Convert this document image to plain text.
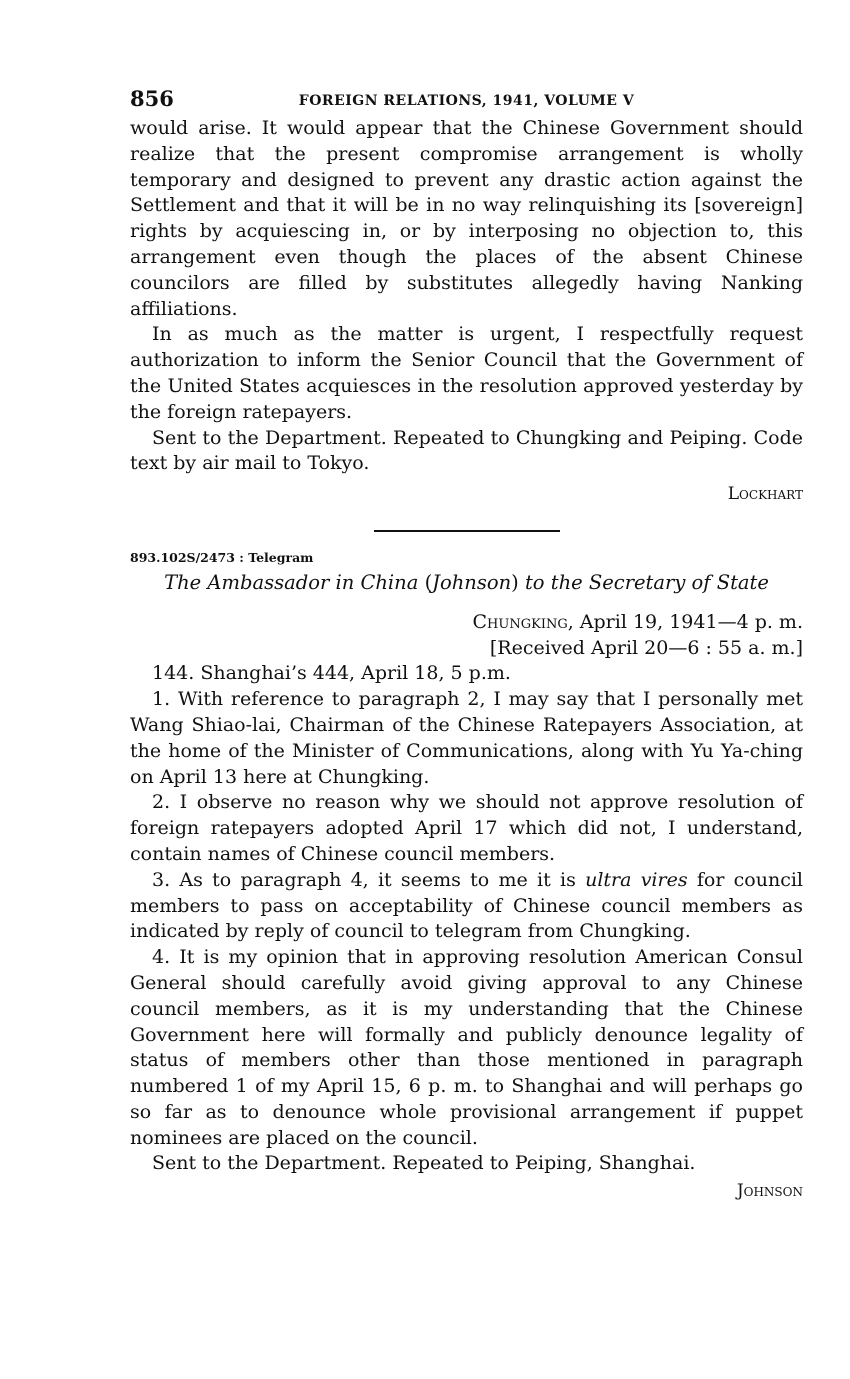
856	FOREIGN RELATIONS, 1941, VOLUME V

would arise. It would appear that the Chinese Government should realize that the present compromise arrangement is wholly temporary and designed to prevent any drastic action against the Settlement and that it will be in no way relinquishing its [sovereign] rights by acquiescing in, or by interposing no objection to, this arrangement even though the places of the absent Chinese councilors are filled by substitutes allegedly having Nanking affiliations.

In as much as the matter is urgent, I respectfully request authorization to inform the Senior Council that the Government of the United States acquiesces in the resolution approved yesterday by the foreign ratepayers.

Sent to the Department. Repeated to Chungking and Peiping. Code text by air mail to Tokyo.

Lockhart
893.102S/2473 : Telegram
The Ambassador in China (Johnson) to the Secretary of State
Chungking, April 19, 1941—4 p. m.
[Received April 20—6 : 55 a. m.]

144. Shanghai’s 444, April 18, 5 p.m.

1. With reference to paragraph 2, I may say that I personally met Wang Shiao-lai, Chairman of the Chinese Ratepayers Association, at the home of the Minister of Communications, along with Yu Ya-ching on April 13 here at Chungking.

2. I observe no reason why we should not approve resolution of foreign ratepayers adopted April 17 which did not, I understand, contain names of Chinese council members.

3. As to paragraph 4, it seems to me it is ultra vires for council members to pass on acceptability of Chinese council members as indicated by reply of council to telegram from Chungking.

4. It is my opinion that in approving resolution American Consul General should carefully avoid giving approval to any Chinese council members, as it is my understanding that the Chinese Government here will formally and publicly denounce legality of status of members other than those mentioned in paragraph numbered 1 of my April 15, 6 p. m. to Shanghai and will perhaps go so far as to denounce whole provisional arrangement if puppet nominees are placed on the council.

Sent to the Department. Repeated to Peiping, Shanghai.

Johnson
